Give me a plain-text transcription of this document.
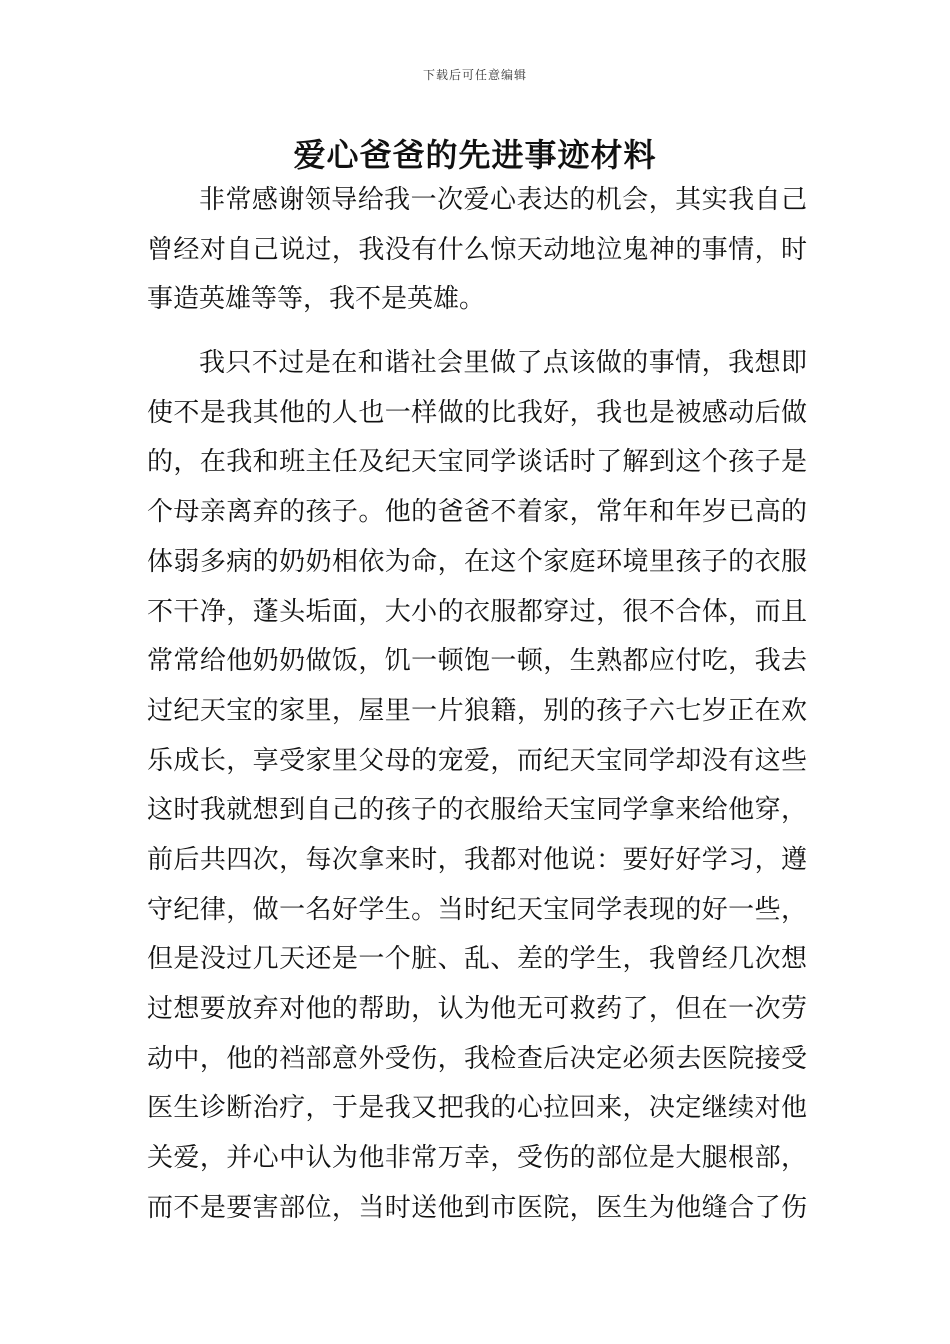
下载后可任意编辑
爱心爸爸的先进事迹材料
非常感谢领导给我一次爱心表达的机会，其实我自己
曾经对自己说过，我没有什么惊天动地泣鬼神的事情，时
事造英雄等等，我不是英雄。
我只不过是在和谐社会里做了点该做的事情，我想即
使不是我其他的人也一样做的比我好，我也是被感动后做
的，在我和班主任及纪天宝同学谈话时了解到这个孩子是
个母亲离弃的孩子。他的爸爸不着家，常年和年岁已高的
体弱多病的奶奶相依为命，在这个家庭环境里孩子的衣服
不干净，蓬头垢面，大小的衣服都穿过，很不合体，而且
常常给他奶奶做饭，饥一顿饱一顿，生熟都应付吃，我去
过纪天宝的家里，屋里一片狼籍，别的孩子六七岁正在欢
乐成长，享受家里父母的宠爱，而纪天宝同学却没有这些
这时我就想到自己的孩子的衣服给天宝同学拿来给他穿，
前后共四次，每次拿来时，我都对他说：要好好学习，遵
守纪律，做一名好学生。当时纪天宝同学表现的好一些，
但是没过几天还是一个脏、乱、差的学生，我曾经几次想
过想要放弃对他的帮助，认为他无可救药了，但在一次劳
动中，他的裆部意外受伤，我检查后决定必须去医院接受
医生诊断治疗，于是我又把我的心拉回来，决定继续对他
关爱，并心中认为他非常万幸，受伤的部位是大腿根部，
而不是要害部位，当时送他到市医院，医生为他缝合了伤
